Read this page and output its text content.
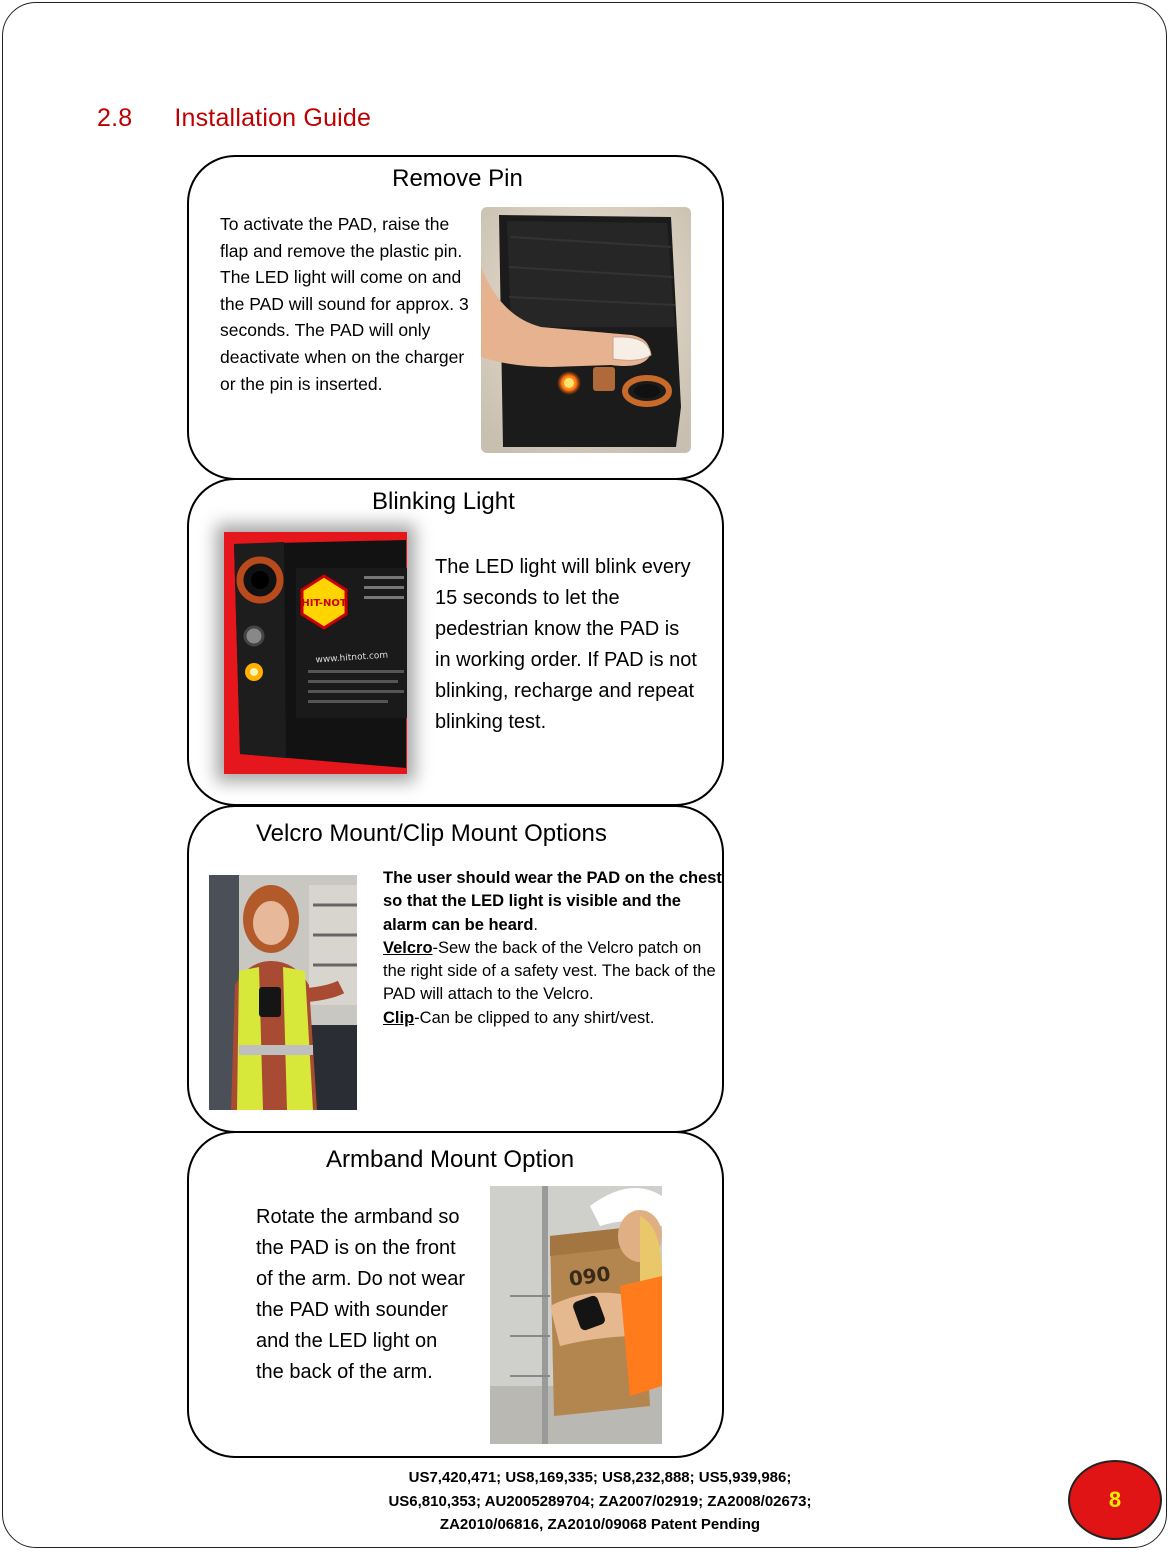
2.8 Installation Guide
Remove Pin
To activate the PAD, raise the flap and remove the plastic pin. The LED light will come on and the PAD will sound for approx. 3 seconds. The PAD will only deactivate when on the charger or the pin is inserted.
Blinking Light
HIT-NOT
www.hitnot.com
The LED light will blink every 15 seconds to let the pedestrian know the PAD is in working order. If PAD is not blinking, recharge and repeat blinking test.
Velcro Mount/Clip Mount Options
The user should wear the PAD on the chest so that the LED light is visible and the alarm can be heard.
Velcro-Sew the back of the Velcro patch on the right side of a safety vest. The back of the PAD will attach to the Velcro.
Clip-Can be clipped to any shirt/vest.
Armband Mount Option
Rotate the armband so the PAD is on the front of the arm. Do not wear the PAD with sounder and the LED light on the back of the arm.
090
US7,420,471; US8,169,335; US8,232,888; US5,939,986;
US6,810,353; AU2005289704; ZA2007/02919; ZA2008/02673;
ZA2010/06816, ZA2010/09068 Patent Pending
8
